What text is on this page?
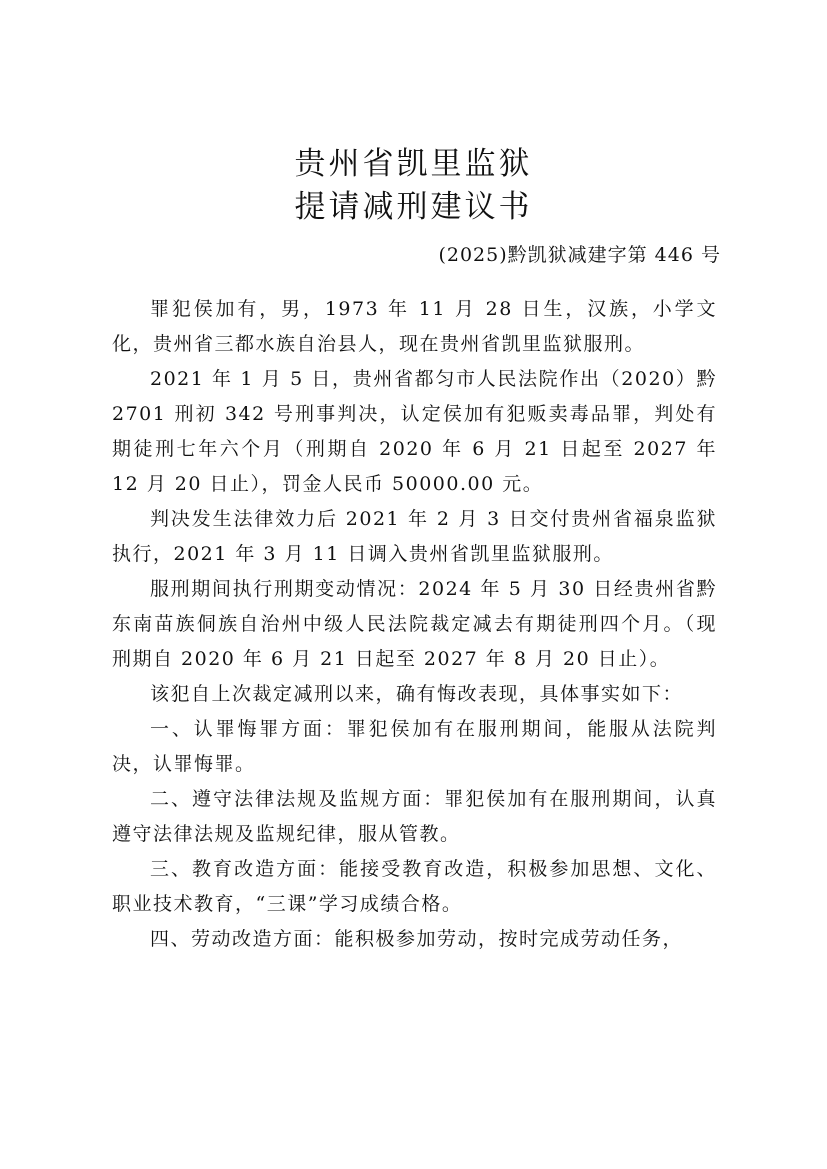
贵州省凯里监狱
提请减刑建议书
(2025)黔凯狱减建字第 446 号

罪犯侯加有，男，1973 年 11 月 28 日生，汉族，小学文化，贵州省三都水族自治县人，现在贵州省凯里监狱服刑。

2021 年 1 月 5 日，贵州省都匀市人民法院作出（2020）黔 2701 刑初 342 号刑事判决，认定侯加有犯贩卖毒品罪，判处有期徒刑七年六个月（刑期自 2020 年 6 月 21 日起至 2027 年 12 月 20 日止），罚金人民币 50000.00 元。

判决发生法律效力后 2021 年 2 月 3 日交付贵州省福泉监狱执行，2021 年 3 月 11 日调入贵州省凯里监狱服刑。

服刑期间执行刑期变动情况：2024 年 5 月 30 日经贵州省黔东南苗族侗族自治州中级人民法院裁定减去有期徒刑四个月。（现刑期自 2020 年 6 月 21 日起至 2027 年 8 月 20 日止）。

该犯自上次裁定减刑以来，确有悔改表现，具体事实如下：

一、认罪悔罪方面：罪犯侯加有在服刑期间，能服从法院判决，认罪悔罪。

二、遵守法律法规及监规方面：罪犯侯加有在服刑期间，认真遵守法律法规及监规纪律，服从管教。

三、教育改造方面：能接受教育改造，积极参加思想、文化、职业技术教育，“三课”学习成绩合格。

四、劳动改造方面：能积极参加劳动，按时完成劳动任务，
